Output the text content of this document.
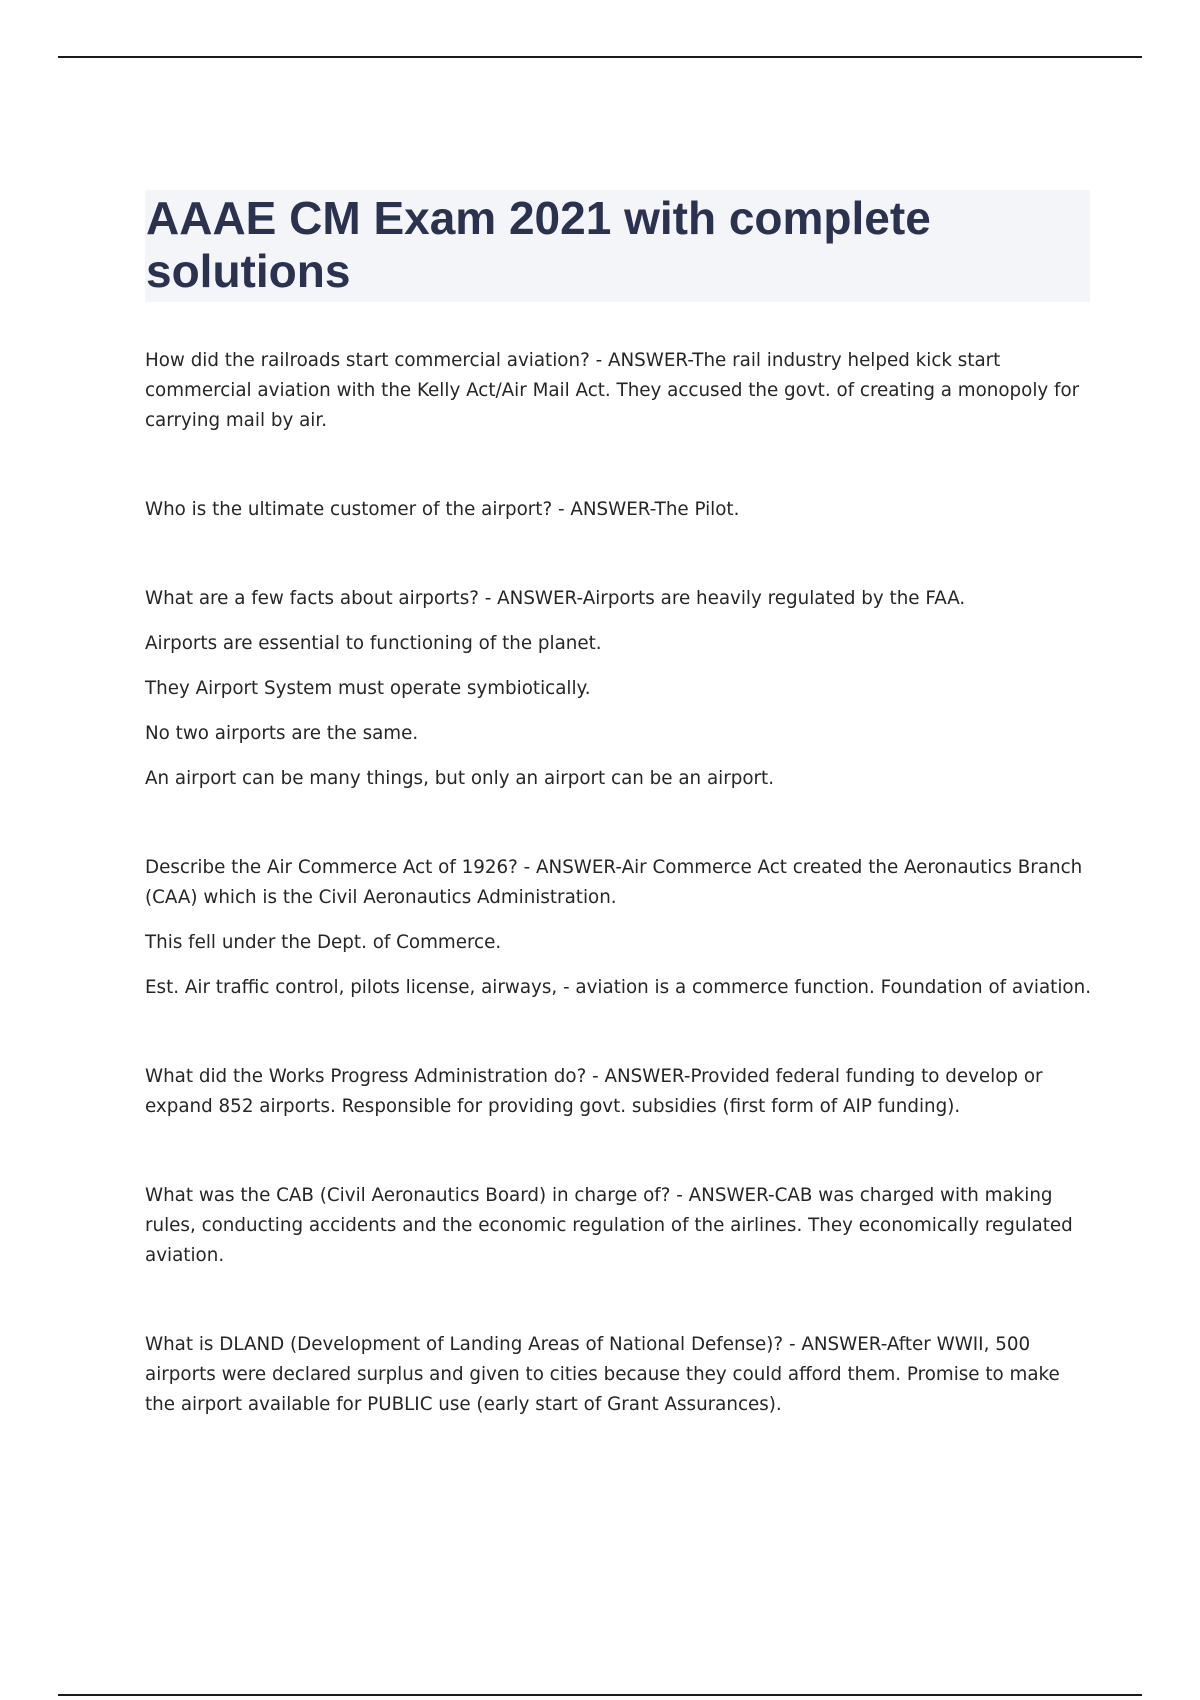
AAAE CM Exam 2021 with complete solutions

How did the railroads start commercial aviation? - ANSWER-The rail industry helped kick start commercial aviation with the Kelly Act/Air Mail Act. They accused the govt. of creating a monopoly for carrying mail by air.

Who is the ultimate customer of the airport? - ANSWER-The Pilot.

What are a few facts about airports? - ANSWER-Airports are heavily regulated by the FAA.

Airports are essential to functioning of the planet.

They Airport System must operate symbiotically.

No two airports are the same.

An airport can be many things, but only an airport can be an airport.

Describe the Air Commerce Act of 1926? - ANSWER-Air Commerce Act created the Aeronautics Branch (CAA) which is the Civil Aeronautics Administration.

This fell under the Dept. of Commerce.

Est. Air traffic control, pilots license, airways, - aviation is a commerce function. Foundation of aviation.

What did the Works Progress Administration do? - ANSWER-Provided federal funding to develop or expand 852 airports. Responsible for providing govt. subsidies (first form of AIP funding).

What was the CAB (Civil Aeronautics Board) in charge of? - ANSWER-CAB was charged with making rules, conducting accidents and the economic regulation of the airlines. They economically regulated aviation.

What is DLAND (Development of Landing Areas of National Defense)? - ANSWER-After WWII, 500 airports were declared surplus and given to cities because they could afford them. Promise to make the airport available for PUBLIC use (early start of Grant Assurances).
